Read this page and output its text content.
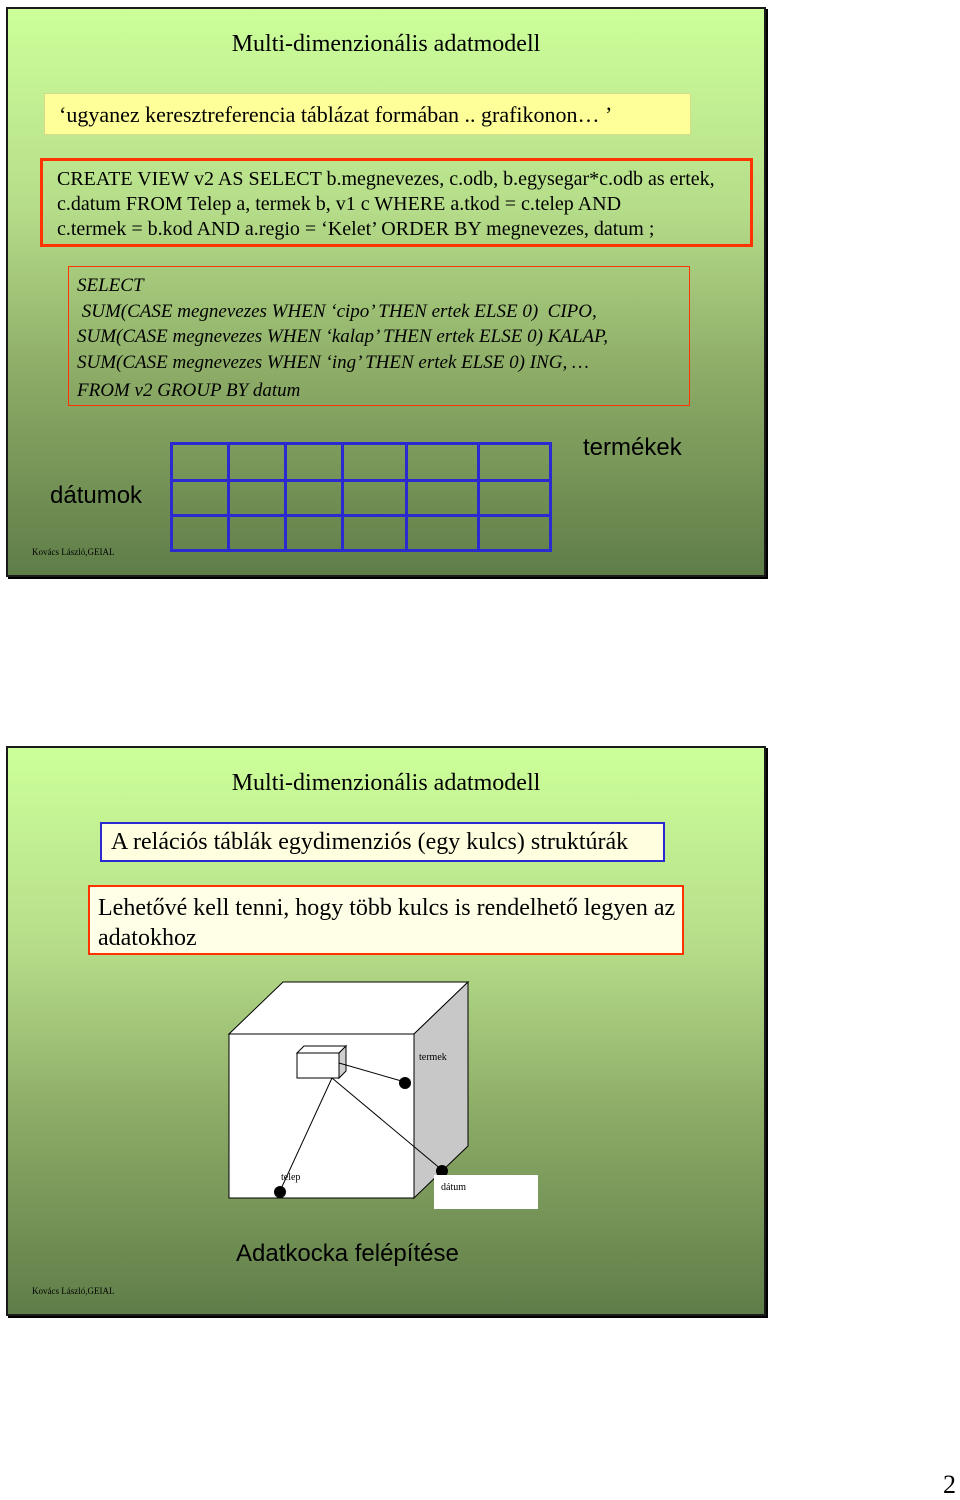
Multi-dimenzionális adatmodell
‘ugyanez keresztreferencia táblázat formában .. grafikonon… ’
CREATE VIEW v2 AS SELECT b.megnevezes, c.odb, b.egysegar*c.odb as ertek,
c.datum FROM Telep a, termek b, v1 c WHERE a.tkod = c.telep AND
c.termek = b.kod AND a.regio = ‘Kelet’ ORDER BY megnevezes, datum ;
SELECT
SUM(CASE megnevezes WHEN ‘cipo’ THEN ertek ELSE 0)  CIPO,
SUM(CASE megnevezes WHEN ‘kalap’ THEN ertek ELSE 0) KALAP,
SUM(CASE megnevezes WHEN ‘ing’ THEN ertek ELSE 0) ING, …
FROM v2 GROUP BY datum
termékek
dátumok
Kovács László,GEIAL
Multi-dimenzionális adatmodell
A relációs táblák egydimenziós (egy kulcs) struktúrák
Lehetővé kell tenni, hogy több kulcs is rendelhető legyen az adatokhoz
termek
telep
dátum
Adatkocka felépítése
Kovács László,GEIAL
2
